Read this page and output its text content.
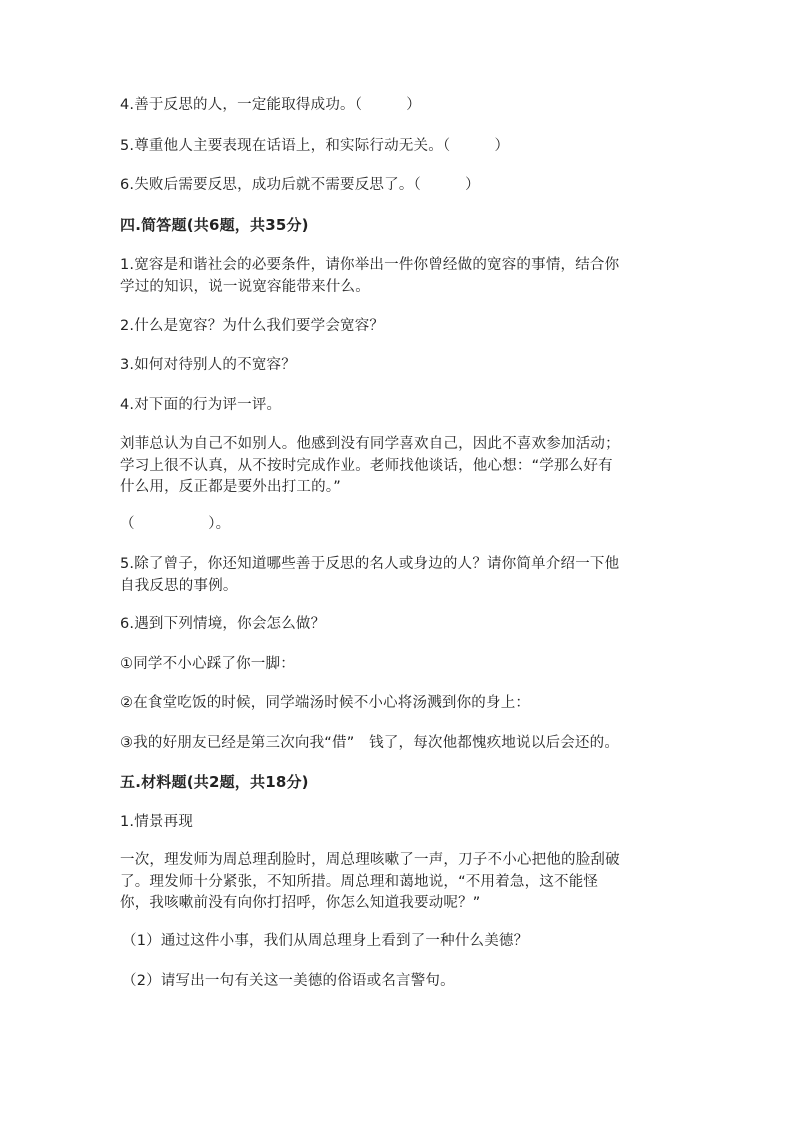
4.善于反思的人，一定能取得成功。（　　　）
5.尊重他人主要表现在话语上，和实际行动无关。（　　　）
6.失败后需要反思，成功后就不需要反思了。（　　　）
四.简答题(共6题，共35分)
1.宽容是和谐社会的必要条件，请你举出一件你曾经做的宽容的事情，结合你
学过的知识，说一说宽容能带来什么。
2.什么是宽容？为什么我们要学会宽容？
3.如何对待别人的不宽容？
4.对下面的行为评一评。
刘菲总认为自己不如别人。他感到没有同学喜欢自己，因此不喜欢参加活动；
学习上很不认真，从不按时完成作业。老师找他谈话，他心想：“学那么好有
什么用，反正都是要外出打工的。”
（　　　　　）。
5.除了曾子，你还知道哪些善于反思的名人或身边的人？请你简单介绍一下他
自我反思的事例。
6.遇到下列情境，你会怎么做？
①同学不小心踩了你一脚：
②在食堂吃饭的时候，同学端汤时候不小心将汤溅到你的身上：
③我的好朋友已经是第三次向我“借”　钱了，每次他都愧疚地说以后会还的。
五.材料题(共2题，共18分)
1.情景再现
一次，理发师为周总理刮脸时，周总理咳嗽了一声，刀子不小心把他的脸刮破
了。理发师十分紧张，不知所措。周总理和蔼地说，“不用着急，这不能怪
你，我咳嗽前没有向你打招呼，你怎么知道我要动呢？”
（1）通过这件小事，我们从周总理身上看到了一种什么美德？
（2）请写出一句有关这一美德的俗语或名言警句。
